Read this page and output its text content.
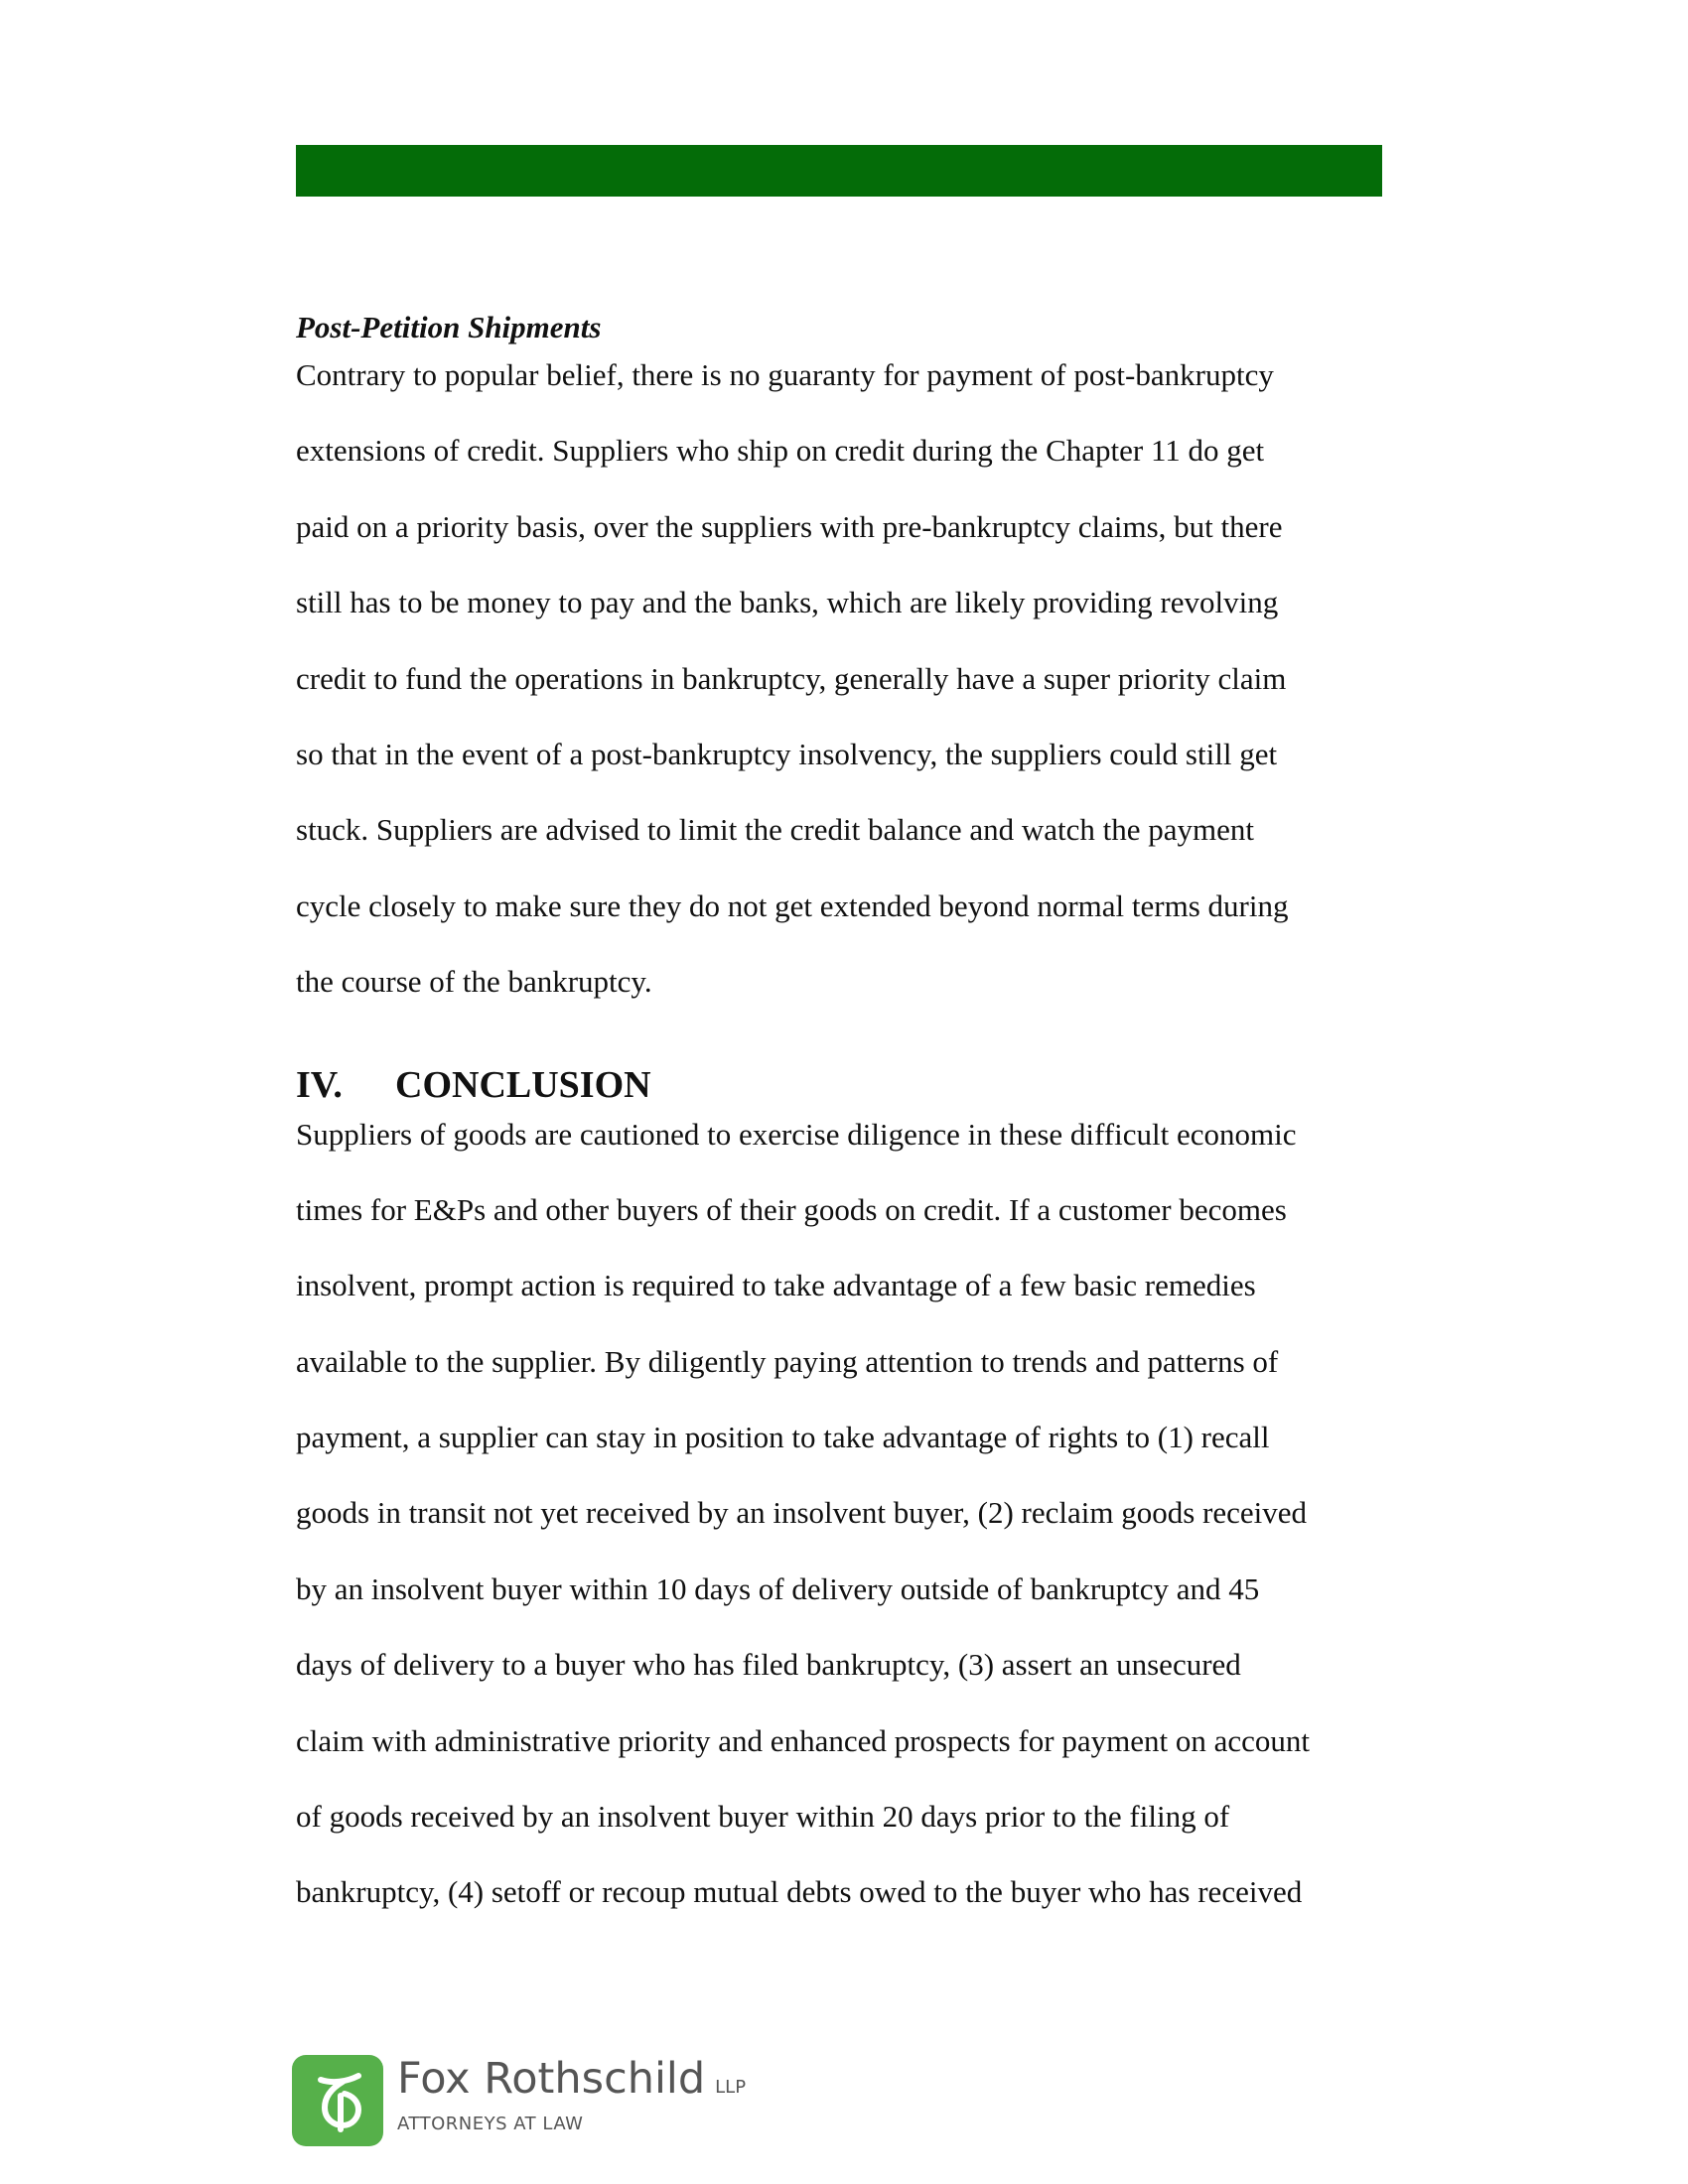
Post-Petition Shipments

Contrary to popular belief, there is no guaranty for payment of post-bankruptcy
extensions of credit. Suppliers who ship on credit during the Chapter 11 do get
paid on a priority basis, over the suppliers with pre-bankruptcy claims, but there
still has to be money to pay and the banks, which are likely providing revolving
credit to fund the operations in bankruptcy, generally have a super priority claim
so that in the event of a post-bankruptcy insolvency, the suppliers could still get
stuck. Suppliers are advised to limit the credit balance and watch the payment
cycle closely to make sure they do not get extended beyond normal terms during
the course of the bankruptcy.

IV.	CONCLUSION

Suppliers of goods are cautioned to exercise diligence in these difficult economic
times for E&Ps and other buyers of their goods on credit. If a customer becomes
insolvent, prompt action is required to take advantage of a few basic remedies
available to the supplier. By diligently paying attention to trends and patterns of
payment, a supplier can stay in position to take advantage of rights to (1) recall
goods in transit not yet received by an insolvent buyer, (2) reclaim goods received
by an insolvent buyer within 10 days of delivery outside of bankruptcy and 45
days of delivery to a buyer who has filed bankruptcy, (3) assert an unsecured
claim with administrative priority and enhanced prospects for payment on account
of goods received by an insolvent buyer within 20 days prior to the filing of
bankruptcy, (4) setoff or recoup mutual debts owed to the buyer who has received

Fox Rothschild LLP
ATTORNEYS AT LAW
